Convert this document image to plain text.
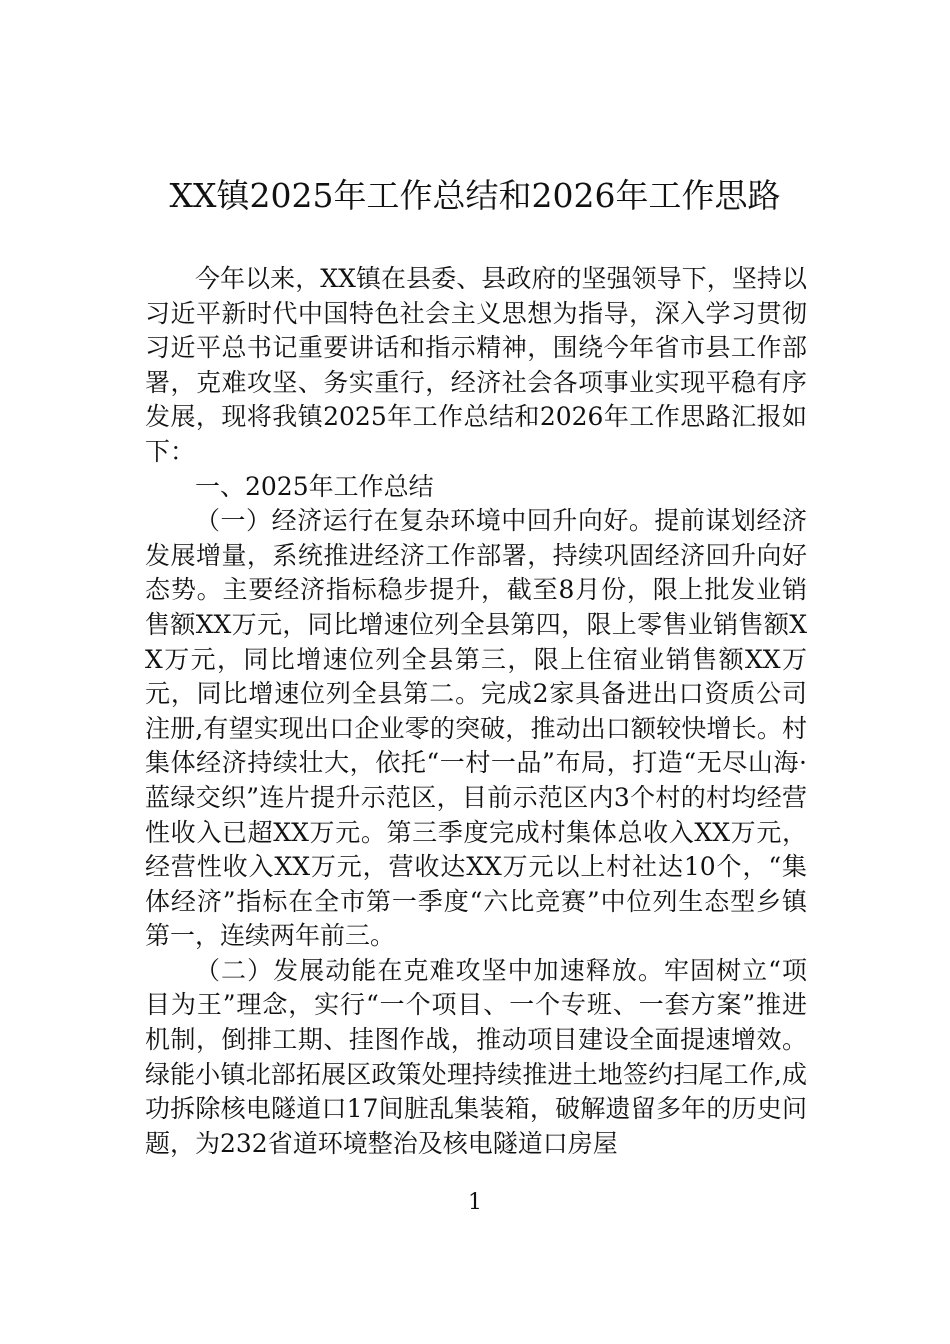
XX镇2025年工作总结和2026年工作思路

今年以来，XX镇在县委、县政府的坚强领导下，坚持以习近平新时代中国特色社会主义思想为指导，深入学习贯彻习近平总书记重要讲话和指示精神，围绕今年省市县工作部署，克难攻坚、务实重行，经济社会各项事业实现平稳有序发展，现将我镇2025年工作总结和2026年工作思路汇报如下：

一、2025年工作总结

（一）经济运行在复杂环境中回升向好。提前谋划经济发展增量，系统推进经济工作部署，持续巩固经济回升向好态势。主要经济指标稳步提升，截至8月份，限上批发业销售额XX万元，同比增速位列全县第四，限上零售业销售额XX万元，同比增速位列全县第三，限上住宿业销售额XX万元，同比增速位列全县第二。完成2家具备进出口资质公司注册,有望实现出口企业零的突破，推动出口额较快增长。村集体经济持续壮大，依托“一村一品”布局，打造“无尽山海·蓝绿交织”连片提升示范区，目前示范区内3个村的村均经营性收入已超XX万元。第三季度完成村集体总收入XX万元，经营性收入XX万元，营收达XX万元以上村社达10个，“集体经济”指标在全市第一季度“六比竞赛”中位列生态型乡镇第一，连续两年前三。

（二）发展动能在克难攻坚中加速释放。牢固树立“项目为王”理念，实行“一个项目、一个专班、一套方案”推进机制，倒排工期、挂图作战，推动项目建设全面提速增效。绿能小镇北部拓展区政策处理持续推进土地签约扫尾工作,成功拆除核电隧道口17间脏乱集装箱，破解遗留多年的历史问题，为232省道环境整治及核电隧道口房屋

1
